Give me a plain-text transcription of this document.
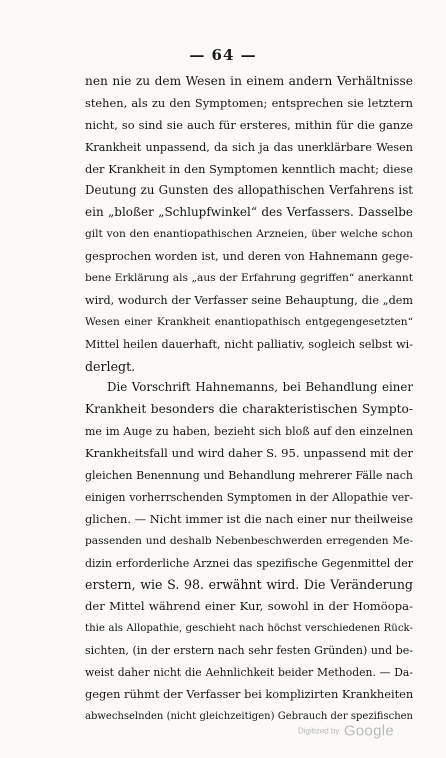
— 64 —
nen nie zu dem Wesen in einem andern Verhältnisse
stehen, als zu den Symptomen; entsprechen sie letztern
nicht, so sind sie auch für ersteres, mithin für die ganze
Krankheit unpassend, da sich ja das unerklärbare Wesen
der Krankheit in den Symptomen kenntlich macht; diese
Deutung zu Gunsten des allopathischen Verfahrens ist
ein „bloßer „Schlupfwinkel“ des Verfassers. Dasselbe
gilt von den enantiopathischen Arzneien, über welche schon
gesprochen worden ist, und deren von Hahnemann gege-
bene Erklärung als „aus der Erfahrung gegriffen“ anerkannt
wird, wodurch der Verfasser seine Behauptung, die „dem
Wesen einer Krankheit enantiopathisch entgegengesetzten“
Mittel heilen dauerhaft, nicht palliativ, sogleich selbst wi-
derlegt.
Die Vorschrift Hahnemanns, bei Behandlung einer
Krankheit besonders die charakteristischen Sympto-
me im Auge zu haben, bezieht sich bloß auf den einzelnen
Krankheitsfall und wird daher S. 95. unpassend mit der
gleichen Benennung und Behandlung mehrerer Fälle nach
einigen vorherrschenden Symptomen in der Allopathie ver-
glichen. — Nicht immer ist die nach einer nur theilweise
passenden und deshalb Nebenbeschwerden erregenden Me-
dizin erforderliche Arznei das spezifische Gegenmittel der
erstern, wie S. 98. erwähnt wird. Die Veränderung
der Mittel während einer Kur, sowohl in der Homöopa-
thie als Allopathie, geschieht nach höchst verschiedenen Rück-
sichten, (in der erstern nach sehr festen Gründen) und be-
weist daher nicht die Aehnlichkeit beider Methoden. — Da-
gegen rühmt der Verfasser bei komplizirten Krankheiten
abwechselnden (nicht gleichzeitigen) Gebrauch der spezifischen
Digitized by Google
